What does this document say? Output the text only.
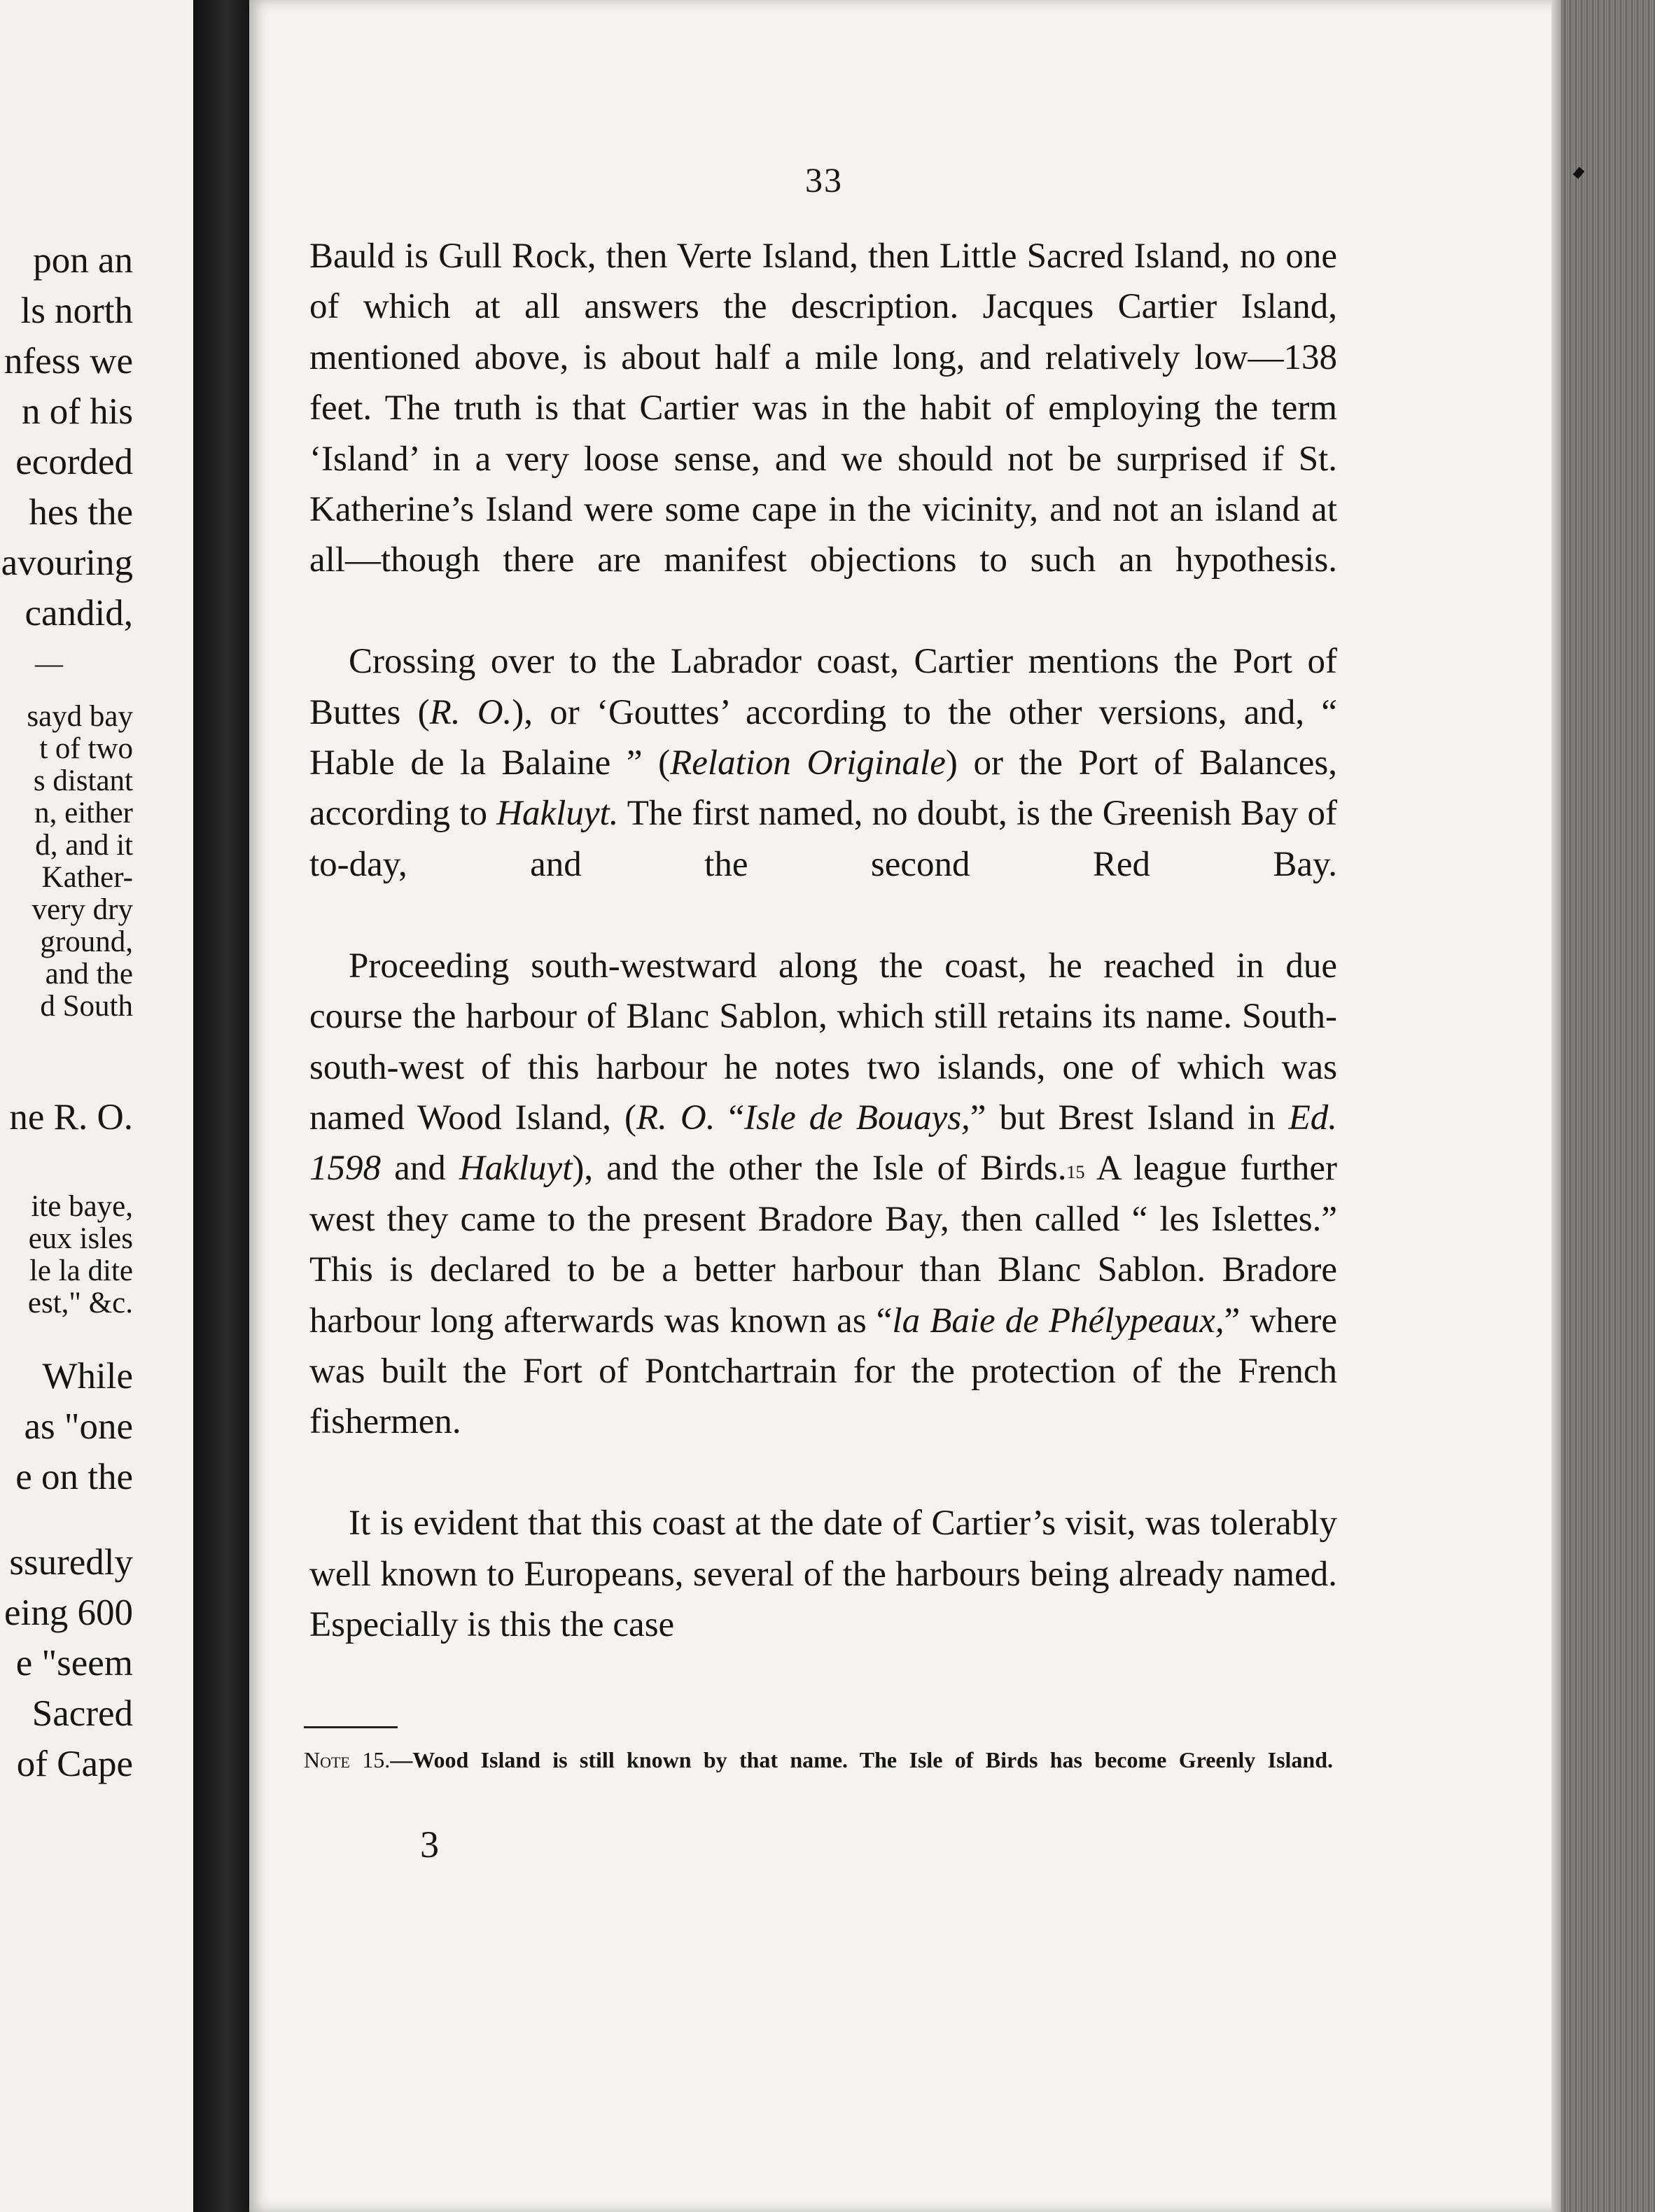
pon an
ls north
nfess we
n of his
ecorded
hes the
avouring
candid,
—
sayd bay
t of two
s distant
n, either
d, and it
Kather-
very dry
ground,
and the
d South
ne R. O.
ite baye,
eux isles
le la dite
est," &c.
While
as "one
e on the
ssuredly
eing 600
e "seem
Sacred
of Cape
33

Bauld is Gull Rock, then Verte Island, then Little Sacred Island, no one of which at all answers the description. Jacques Cartier Island, mentioned above, is about half a mile long, and relatively low—138 feet. The truth is that Cartier was in the habit of employing the term ‘Island’ in a very loose sense, and we should not be surprised if St. Katherine’s Island were some cape in the vicinity, and not an island at all—though there are manifest objections to such an hypothesis.

Crossing over to the Labrador coast, Cartier mentions the Port of Buttes (R. O.), or ‘Gouttes’ according to the other versions, and, “ Hable de la Balaine ” (Relation Originale) or the Port of Balances, according to Hakluyt. The first named, no doubt, is the Greenish Bay of to-day, and the second Red Bay.

Proceeding south-westward along the coast, he reached in due course the harbour of Blanc Sablon, which still retains its name. South-south-west of this harbour he notes two islands, one of which was named Wood Island, (R. O. “Isle de Bouays,” but Brest Island in Ed. 1598 and Hakluyt), and the other the Isle of Birds.$^{15}$ A league further west they came to the present Bradore Bay, then called “ les Islettes.” This is declared to be a better harbour than Blanc Sablon. Bradore harbour long afterwards was known as “la Baie de Phélypeaux,” where was built the Fort of Pontchartrain for the protection of the French fishermen.

It is evident that this coast at the date of Cartier’s visit, was tolerably well known to Europeans, several of the harbours being already named. Especially is this the case

Note 15.—Wood Island is still known by that name. The Isle of Birds has become Greenly Island.
3
